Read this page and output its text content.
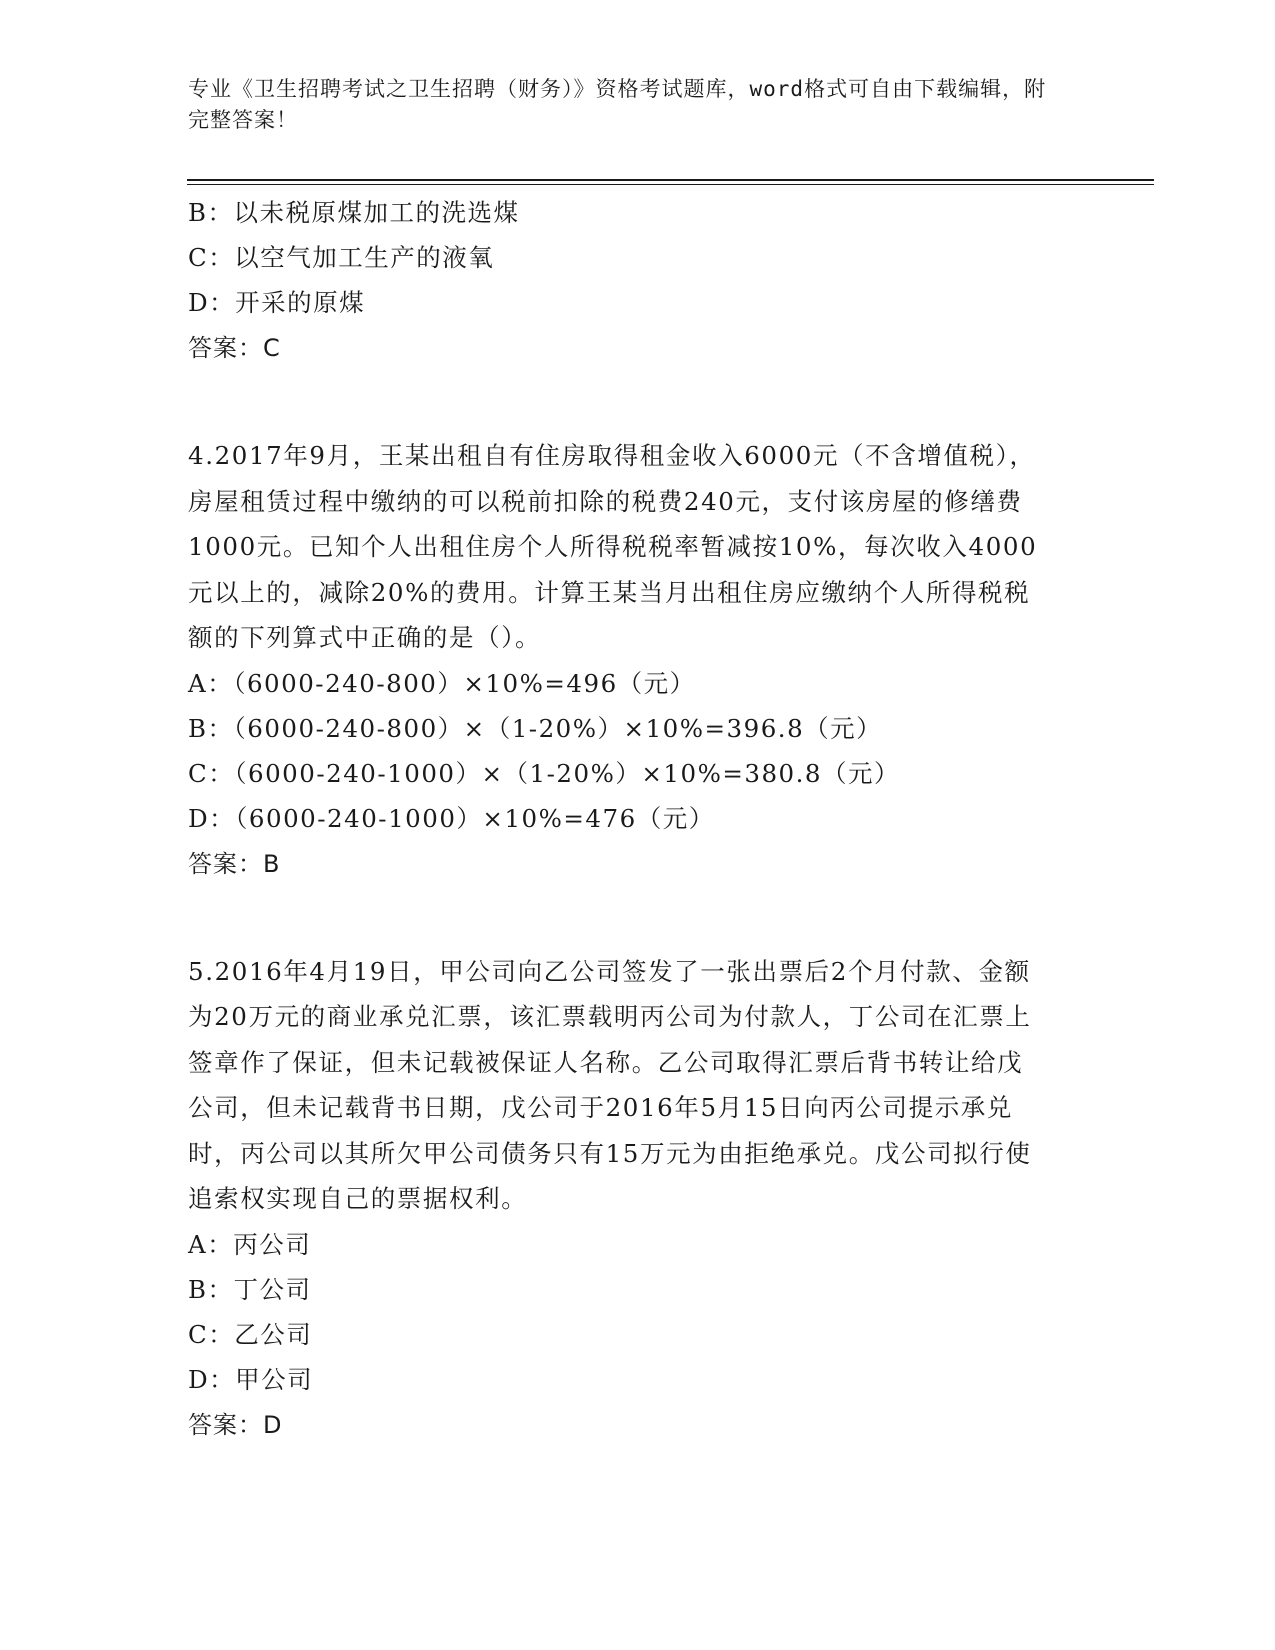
专业《卫生招聘考试之卫生招聘（财务）》资格考试题库，word格式可自由下载编辑，附完整答案！
B：以未税原煤加工的洗选煤
C：以空气加工生产的液氧
D：开采的原煤
答案：C
4.2017年9月，王某出租自有住房取得租金收入6000元（不含增值税），房屋租赁过程中缴纳的可以税前扣除的税费240元，支付该房屋的修缮费1000元。已知个人出租住房个人所得税税率暂减按10%，每次收入4000元以上的，减除20%的费用。计算王某当月出租住房应缴纳个人所得税税额的下列算式中正确的是（）。
A：（6000-240-800）×10%=496（元）
B：（6000-240-800）×（1-20%）×10%=396.8（元）
C：（6000-240-1000）×（1-20%）×10%=380.8（元）
D：（6000-240-1000）×10%=476（元）
答案：B
5.2016年4月19日，甲公司向乙公司签发了一张出票后2个月付款、金额为20万元的商业承兑汇票，该汇票载明丙公司为付款人，丁公司在汇票上签章作了保证，但未记载被保证人名称。乙公司取得汇票后背书转让给戊公司，但未记载背书日期，戊公司于2016年5月15日向丙公司提示承兑时，丙公司以其所欠甲公司债务只有15万元为由拒绝承兑。戊公司拟行使追索权实现自己的票据权利。
A：丙公司
B：丁公司
C：乙公司
D：甲公司
答案：D
